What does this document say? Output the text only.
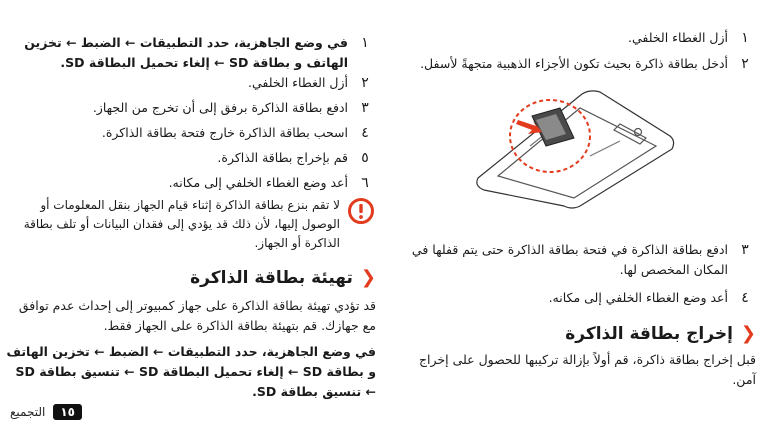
١
في وضع الجاهزية، حدد التطبيقات ← الضبط ← تخزين الهاتف و بطاقة SD ← إلغاء تحميل البطاقة SD.
٢
أزل الغطاء الخلفي.
٣
ادفع بطاقة الذاكرة برفق إلى أن تخرج من الجهاز.
٤
اسحب بطاقة الذاكرة خارج فتحة بطاقة الذاكرة.
٥
قم بإخراج بطاقة الذاكرة.
٦
أعد وضع الغطاء الخلفي إلى مكانه.
لا تقم بنزع بطاقة الذاكرة إثناء قيام الجهاز بنقل المعلومات أو الوصول إليها، لأن ذلك قد يؤدي إلى فقدان البيانات أو تلف بطاقة الذاكرة أو الجهاز.
❮تهيئة بطاقة الذاكرة
قد تؤدي تهيئة بطاقة الذاكرة على جهاز كمبيوتر إلى إحداث عدم توافق مع جهازك. قم بتهيئة بطاقة الذاكرة على الجهاز فقط.
في وضع الجاهزية، حدد التطبيقات ← الضبط ← تخزين الهاتف و بطاقة SD ← إلغاء تحميل البطاقة SD ← تنسيق بطاقة SD ← تنسيق بطاقة SD.
١
أزل الغطاء الخلفي.
٢
أدخل بطاقة ذاكرة بحيث تكون الأجزاء الذهبية متجهةً لأسفل.
٣
ادفع بطاقة الذاكرة في فتحة بطاقة الذاكرة حتى يتم قفلها في المكان المخصص لها.
٤
أعد وضع الغطاء الخلفي إلى مكانه.
❮إخراج بطاقة الذاكرة
قبل إخراج بطاقة ذاكرة، قم أولاً بإزالة تركيبها للحصول على إخراج آمن.
١٥
التجميع
